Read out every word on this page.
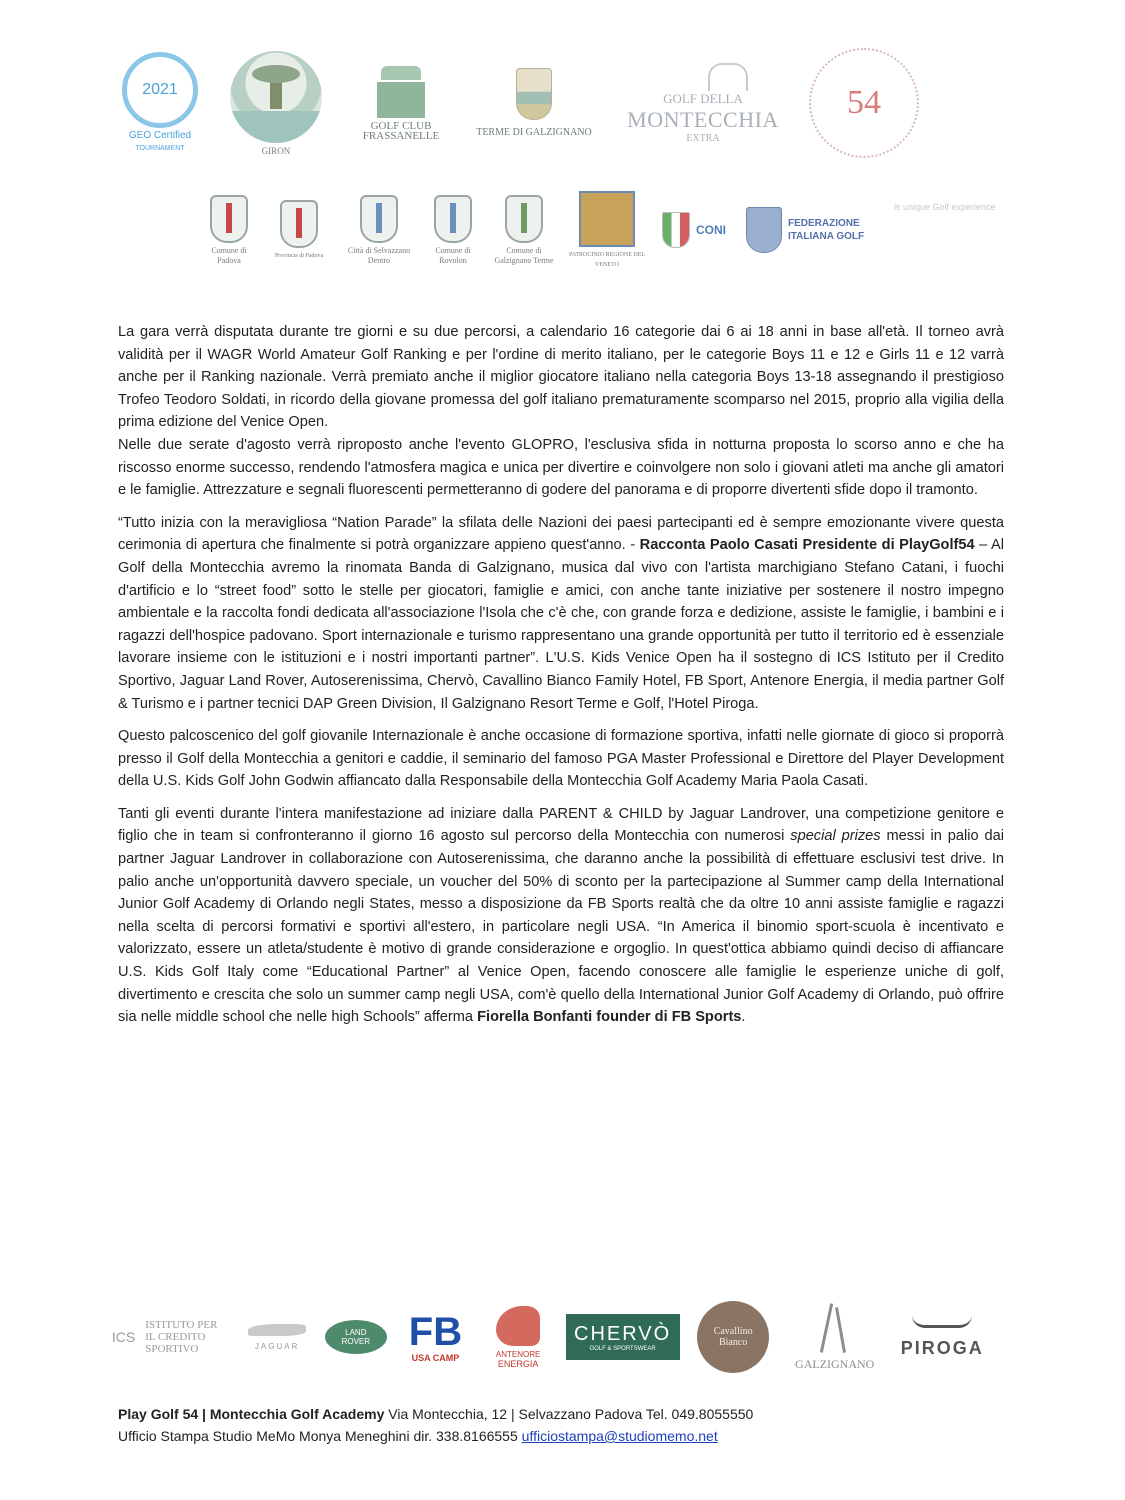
2021
GEO Certified
TOURNAMENT	GIRON
GOLF CLUB
FRASSANELLE	TERME DI GALZIGNANO
GOLF DELLA
MONTECCHIA
EXTRA
54
Comune di Padova	Provincia di Padova
Città di Selvazzano Dentro
Comune di Rovolon
Comune di Galzignano Terme
PATROCINIO REGIONE DEL VENETO
CONI	FEDERAZIONE ITALIANA GOLF
is unique Golf experience

La gara verrà disputata durante tre giorni e su due percorsi, a calendario 16 categorie dai 6 ai 18 anni in base all'età. Il torneo avrà validità per il WAGR World Amateur Golf Ranking e per l'ordine di merito italiano, per le categorie Boys 11 e 12 e Girls 11 e 12 varrà anche per il Ranking nazionale. Verrà premiato anche il miglior giocatore italiano nella categoria Boys 13-18 assegnando il prestigioso Trofeo Teodoro Soldati, in ricordo della giovane promessa del golf italiano prematuramente scomparso nel 2015, proprio alla vigilia della prima edizione del Venice Open.

Nelle due serate d'agosto verrà riproposto anche l'evento GLOPRO, l'esclusiva sfida in notturna proposta lo scorso anno e che ha riscosso enorme successo, rendendo l'atmosfera magica e unica per divertire e coinvolgere non solo i giovani atleti ma anche gli amatori e le famiglie. Attrezzature e segnali fluorescenti permetteranno di godere del panorama e di proporre divertenti sfide dopo il tramonto.

“Tutto inizia con la meravigliosa “Nation Parade” la sfilata delle Nazioni dei paesi partecipanti ed è sempre emozionante vivere questa cerimonia di apertura che finalmente si potrà organizzare appieno quest'anno. - Racconta Paolo Casati Presidente di PlayGolf54 – Al Golf della Montecchia avremo la rinomata Banda di Galzignano, musica dal vivo con l'artista marchigiano Stefano Catani, i fuochi d'artificio e lo “street food” sotto le stelle per giocatori, famiglie e amici, con anche tante iniziative per sostenere il nostro impegno ambientale e la raccolta fondi dedicata all'associazione l'Isola che c'è che, con grande forza e dedizione, assiste le famiglie, i bambini e i ragazzi dell'hospice padovano. Sport internazionale e turismo rappresentano una grande opportunità per tutto il territorio ed è essenziale lavorare insieme con le istituzioni e i nostri importanti partner”. L'U.S. Kids Venice Open ha il sostegno di ICS Istituto per il Credito Sportivo, Jaguar Land Rover, Autoserenissima, Chervò, Cavallino Bianco Family Hotel, FB Sport, Antenore Energia, il media partner Golf & Turismo e i partner tecnici DAP Green Division, Il Galzignano Resort Terme e Golf, l'Hotel Piroga.

Questo palcoscenico del golf giovanile Internazionale è anche occasione di formazione sportiva, infatti nelle giornate di gioco si proporrà presso il Golf della Montecchia a genitori e caddie, il seminario del famoso PGA Master Professional e Direttore del Player Development della U.S. Kids Golf John Godwin affiancato dalla Responsabile della Montecchia Golf Academy Maria Paola Casati.

Tanti gli eventi durante l'intera manifestazione ad iniziare dalla PARENT & CHILD by Jaguar Landrover, una competizione genitore e figlio che in team si confronteranno il giorno 16 agosto sul percorso della Montecchia con numerosi special prizes messi in palio dai partner Jaguar Landrover in collaborazione con Autoserenissima, che daranno anche la possibilità di effettuare esclusivi test drive. In palio anche un'opportunità davvero speciale, un voucher del 50% di sconto per la partecipazione al Summer camp della International Junior Golf Academy di Orlando negli States, messo a disposizione da FB Sports realtà che da oltre 10 anni assiste famiglie e ragazzi nella scelta di percorsi formativi e sportivi all'estero, in particolare negli USA. “In America il binomio sport-scuola è incentivato e valorizzato, essere un atleta/studente è motivo di grande considerazione e orgoglio. In quest'ottica abbiamo quindi deciso di affiancare U.S. Kids Golf Italy come “Educational Partner” al Venice Open, facendo conoscere alle famiglie le esperienze uniche di golf, divertimento e crescita che solo un summer camp negli USA, com'è quello della International Junior Golf Academy di Orlando, può offrire sia nelle middle school che nelle high Schools” afferma Fiorella Bonfanti founder di FB Sports.

ICS
ISTITUTO PER
IL CREDITO
SPORTIVO	JAGUAR
LAND
ROVER FB
USA CAMP	ANTENORE
ENERGIA
CHERVÒ
GOLF & SPORTSWEAR
Cavallino
Bianco
GALZIGNANO
PIROGA
Play Golf 54 | Montecchia Golf Academy Via Montecchia, 12 | Selvazzano Padova Tel. 049.8055550
Ufficio Stampa Studio MeMo Monya Meneghini dir. 338.8166555 ufficiostampa@studiomemo.net
